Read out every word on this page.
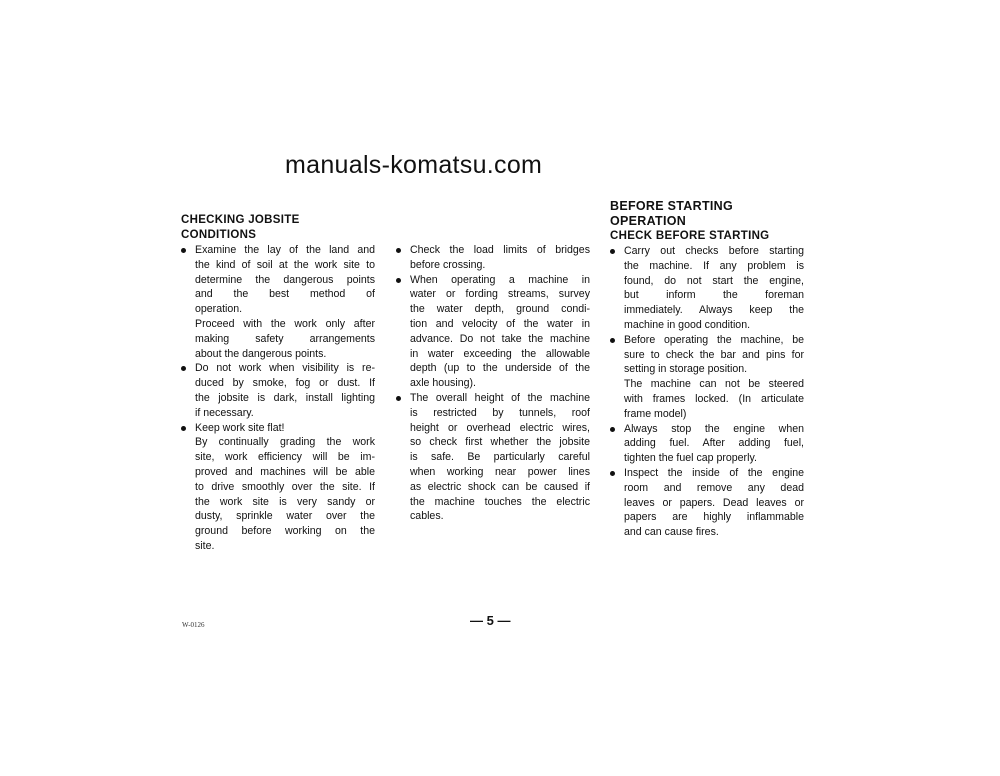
CHECKING JOBSITE
CONDITIONS
Examine the lay of the land and
the kind of soil at the work site to
determine the dangerous points
and the best method of
operation.
Proceed with the work only after
making safety arrangements
about the dangerous points.
Do not work when visibility is re-
duced by smoke, fog or dust. If
the jobsite is dark, install lighting
if necessary.
Keep work site flat!
By continually grading the work
site, work efficiency will be im-
proved and machines will be able
to drive smoothly over the site. If
the work site is very sandy or
dusty, sprinkle water over the
ground before working on the
site.
Check the load limits of bridges
before crossing.
When operating a machine in
water or fording streams, survey
the water depth, ground condi-
tion and velocity of the water in
advance. Do not take the machine
in water exceeding the allowable
depth (up to the underside of the
axle housing).
The overall height of the machine
is restricted by tunnels, roof
height or overhead electric wires,
so check first whether the jobsite
is safe. Be particularly careful
when working near power lines
as electric shock can be caused if
the machine touches the electric
cables.
BEFORE STARTING
OPERATION
CHECK BEFORE STARTING
Carry out checks before starting
the machine. If any problem is
found, do not start the engine,
but inform the foreman
immediately. Always keep the
machine in good condition.
Before operating the machine, be
sure to check the bar and pins for
setting in storage position.
The machine can not be steered
with frames locked. (In articulate
frame model)
Always stop the engine when
adding fuel. After adding fuel,
tighten the fuel cap properly.
Inspect the inside of the engine
room and remove any dead
leaves or papers. Dead leaves or
papers are highly inflammable
and can cause fires.
manuals-komatsu.com
W-0126	— 5 —
